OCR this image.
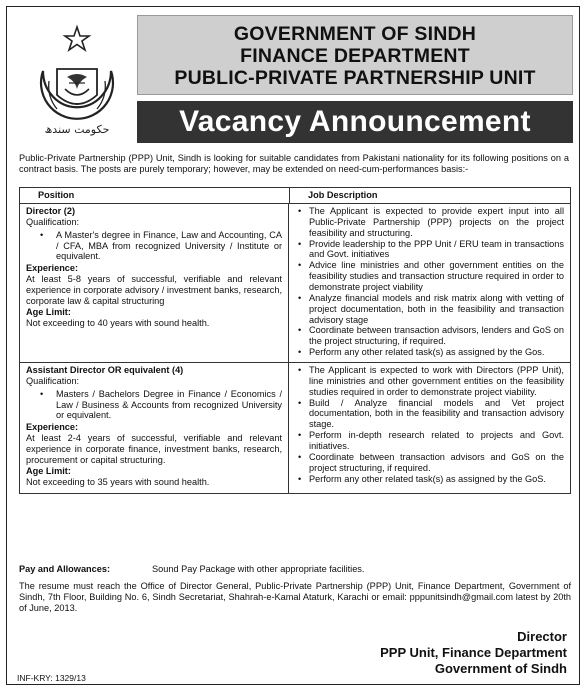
حکومت سندھ
GOVERNMENT OF SINDH
FINANCE DEPARTMENT
PUBLIC-PRIVATE PARTNERSHIP UNIT
Vacancy Announcement
Public-Private Partnership (PPP) Unit, Sindh is looking for suitable candidates from Pakistani nationality for its following positions on a contract basis. The posts are purely temporary; however, may be extended on need-cum-performances basis:-
Position	Job Description
Director (2)
Qualification:
• A Master's degree in Finance, Law and Accounting, CA / CFA, MBA from recognized University / Institute or equivalent.
Experience:
At least 5-8 years of successful, verifiable and relevant experience in corporate advisory / investment banks, research, corporate law & capital structuring
Age Limit:
Not exceeding to 40 years with sound health.
• The Applicant is expected to provide expert input into all Public-Private Partnership (PPP) projects on the project feasibility and structuring.
• Provide leadership to the PPP Unit / ERU team in transactions and Govt. initiatives
• Advice line ministries and other government entities on the feasibility studies and transaction structure required in order to demonstrate project viability
• Analyze financial models and risk matrix along with vetting of project documentation, both in the feasibility and transaction advisory stage
• Coordinate between transaction advisors, lenders and GoS on the project structuring, if required.
• Perform any other related task(s) as assigned by the Gos.
Assistant Director OR equivalent (4)
Qualification:
• Masters / Bachelors Degree in Finance / Economics / Law / Business & Accounts from recognized University or equivalent.
Experience:
At least 2-4 years of successful, verifiable and relevant experience in corporate finance, investment banks, research, procurement or capital structuring.
Age Limit:
Not exceeding to 35 years with sound health.
• The Applicant is expected to work with Directors (PPP Unit), line ministries and other government entities on the feasibility studies required in order to demonstrate project viability.
• Build / Analyze financial models and Vet project documentation, both in the feasibility and transaction advisory stage.
• Perform in-depth research related to projects and Govt. initiatives.
• Coordinate between transaction advisors and GoS on the project structuring, if required.
• Perform any other related task(s) as assigned by the GoS.
Pay and Allowances:	Sound Pay Package with other appropriate facilities.
The resume must reach the Office of Director General, Public-Private Partnership (PPP) Unit, Finance Department, Government of Sindh, 7th Floor, Building No. 6, Sindh Secretariat, Shahrah-e-Kamal Ataturk, Karachi or email: pppunitsindh@gmail.com latest by 20th of June, 2013.
Director
PPP Unit, Finance Department
Government of Sindh
INF-KRY: 1329/13
